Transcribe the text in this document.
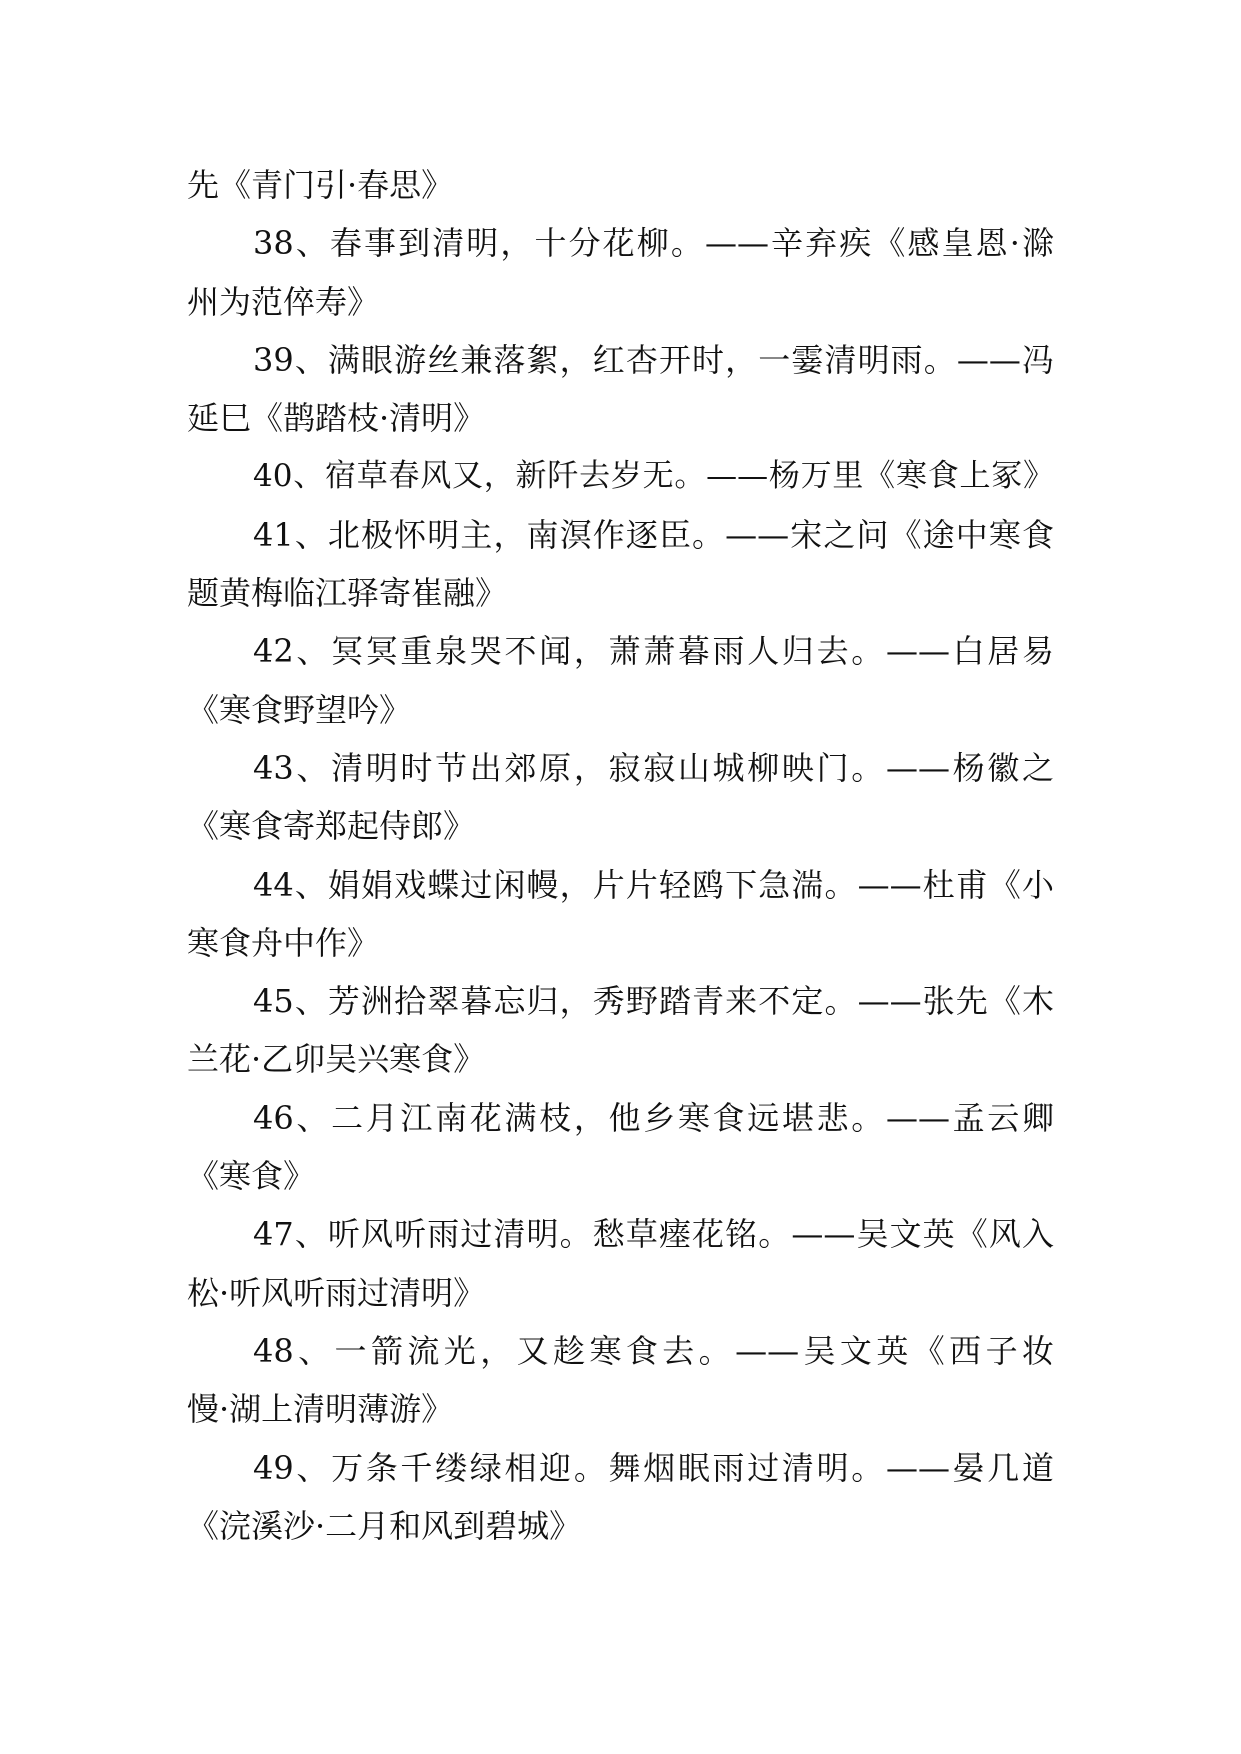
先《青门引·春思》
38、春事到清明，十分花柳。——辛弃疾《感皇恩·滁
州为范倅寿》
39、满眼游丝兼落絮，红杏开时，一霎清明雨。——冯
延巳《鹊踏枝·清明》
40、宿草春风又，新阡去岁无。——杨万里《寒食上冢》
41、北极怀明主，南溟作逐臣。——宋之问《途中寒食
题黄梅临江驿寄崔融》
42、冥冥重泉哭不闻，萧萧暮雨人归去。——白居易
《寒食野望吟》
43、清明时节出郊原，寂寂山城柳映门。——杨徽之
《寒食寄郑起侍郎》
44、娟娟戏蝶过闲幔，片片轻鸥下急湍。——杜甫《小
寒食舟中作》
45、芳洲拾翠暮忘归，秀野踏青来不定。——张先《木
兰花·乙卯吴兴寒食》
46、二月江南花满枝，他乡寒食远堪悲。——孟云卿
《寒食》
47、听风听雨过清明。愁草瘗花铭。——吴文英《风入
松·听风听雨过清明》
48、一箭流光，又趁寒食去。——吴文英《西子妆
慢·湖上清明薄游》
49、万条千缕绿相迎。舞烟眠雨过清明。——晏几道
《浣溪沙·二月和风到碧城》
